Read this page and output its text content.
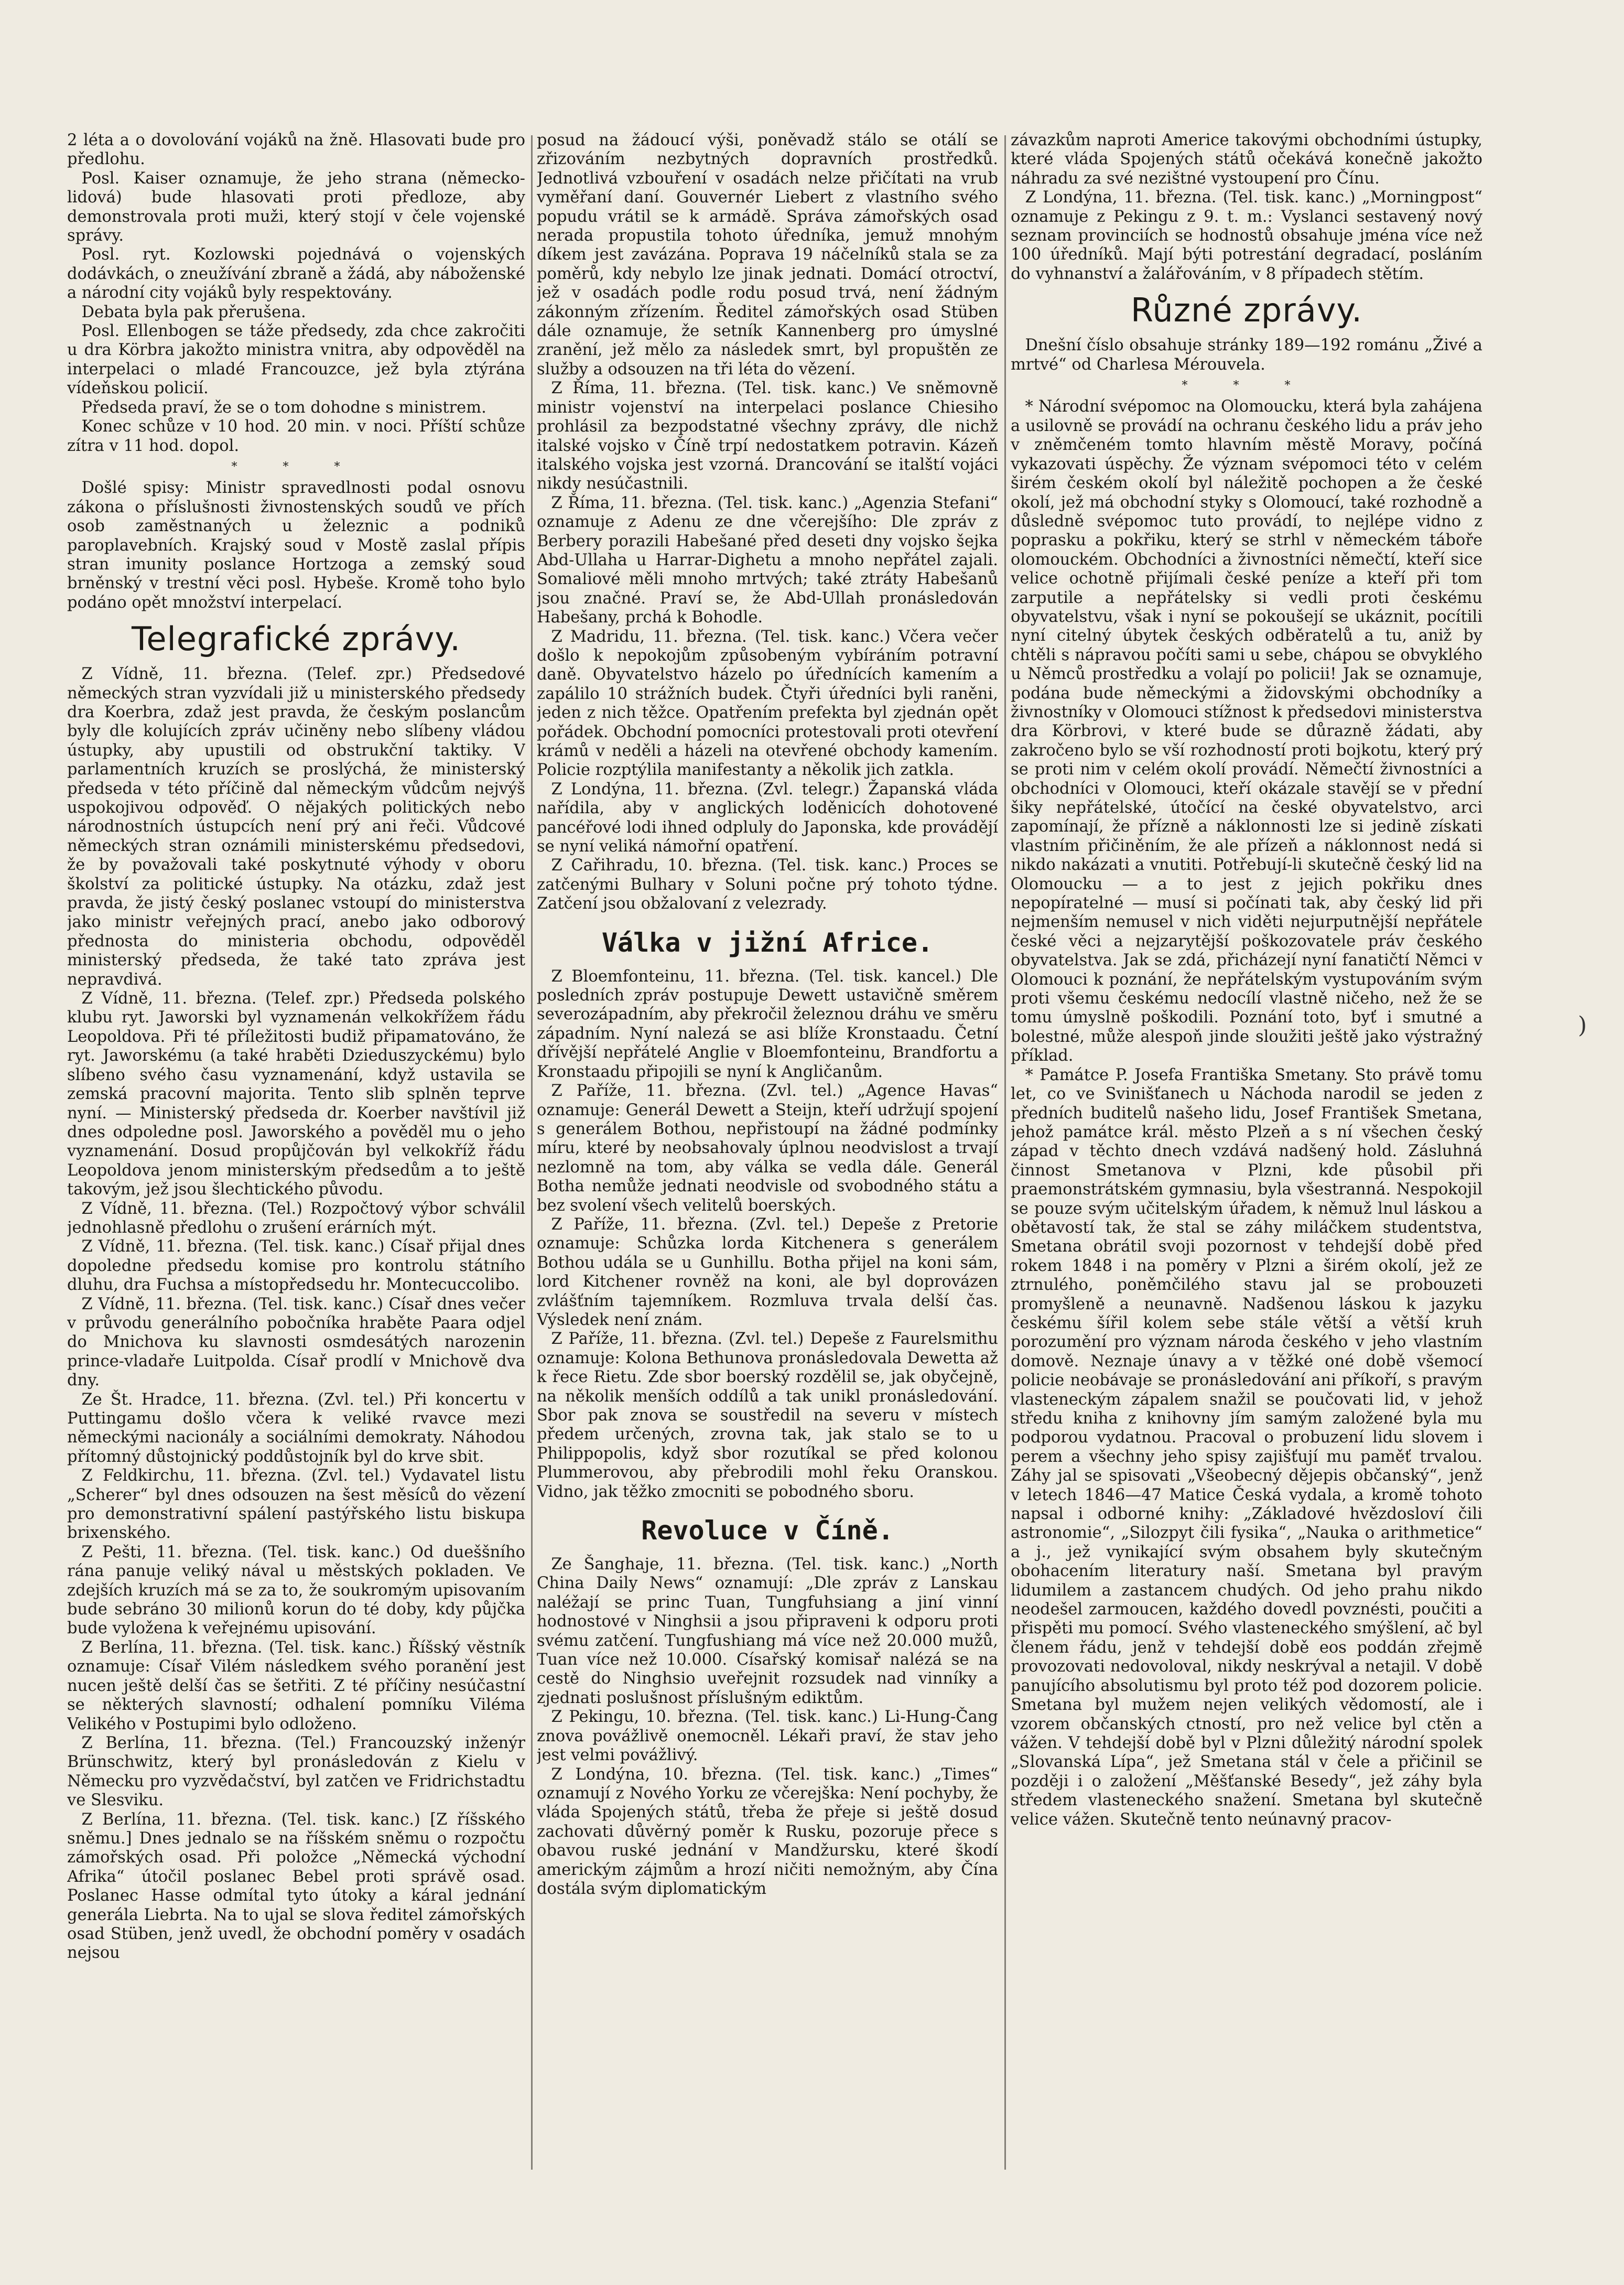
2 léta a o dovolování vojáků na žně. Hlasovati bude pro předlohu.

Posl. Kaiser oznamuje, že jeho strana (německo-lidová) bude hlasovati proti předloze, aby demonstrovala proti muži, který stojí v čele vojenské správy.

Posl. ryt. Kozlowski pojednává o vojenských dodávkách, o zneužívání zbraně a žádá, aby náboženské a národní city vojáků byly respektovány.

Debata byla pak přerušena.

Posl. Ellenbogen se táže předsedy, zda chce zakročiti u dra Körbra jakožto ministra vnitra, aby odpověděl na interpelaci o mladé Francouzce, jež byla ztýrána vídeňskou policií.

Předseda praví, že se o tom dohodne s ministrem.

Konec schůze v 10 hod. 20 min. v noci. Příští schůze zítra v 11 hod. dopol.

* * *

Došlé spisy: Ministr spravedlnosti podal osnovu zákona o příslušnosti živnostenských soudů ve přích osob zaměstnaných u železnic a podniků paroplavebních. Krajský soud v Mostě zaslal přípis stran imunity poslance Hortzoga a zemský soud brněnský v trestní věci posl. Hybeše. Kromě toho bylo podáno opět množství interpelací.

Telegrafické zprávy.

Z Vídně, 11. března. (Telef. zpr.) Předsedové německých stran vyzvídali již u ministerského předsedy dra Koerbra, zdaž jest pravda, že českým poslancům byly dle kolujících zpráv učiněny nebo slíbeny vládou ústupky, aby upustili od obstrukční taktiky. V parlamentních kruzích se proslýchá, že ministerský předseda v této příčině dal německým vůdcům nejvýš uspokojivou odpověď. O nějakých politických nebo národnostních ústupcích není prý ani řeči. Vůdcové německých stran oznámili ministerskému předsedovi, že by považovali také poskytnuté výhody v oboru školství za politické ústupky. Na otázku, zdaž jest pravda, že jistý český poslanec vstoupí do ministerstva jako ministr veřejných prací, anebo jako odborový přednosta do ministeria obchodu, odpověděl ministerský předseda, že také tato zpráva jest nepravdivá.

Z Vídně, 11. března. (Telef. zpr.) Předseda polského klubu ryt. Jaworski byl vyznamenán velkokřížem řádu Leopoldova. Při té příležitosti budiž připamatováno, že ryt. Jaworskému (a také hraběti Dzieduszyckému) bylo slíbeno svého času vyznamenání, když ustavila se zemská pracovní majorita. Tento slib splněn teprve nyní. — Ministerský předseda dr. Koerber navštívil již dnes odpoledne posl. Jaworského a pověděl mu o jeho vyznamenání. Dosud propůjčován byl velkokříž řádu Leopoldova jenom ministerským předsedům a to ještě takovým, jež jsou šlechtického původu.

Z Vídně, 11. března. (Tel.) Rozpočtový výbor schválil jednohlasně předlohu o zrušení erárních mýt.

Z Vídně, 11. března. (Tel. tisk. kanc.) Císař přijal dnes dopoledne předsedu komise pro kontrolu státního dluhu, dra Fuchsa a místopředsedu hr. Montecuccolibo.

Z Vídně, 11. března. (Tel. tisk. kanc.) Císař dnes večer v průvodu generálního pobočníka hraběte Paara odjel do Mnichova ku slavnosti osmdesátých narozenin prince-vladaře Luitpolda. Císař prodlí v Mnichově dva dny.

Ze Št. Hradce, 11. března. (Zvl. tel.) Při koncertu v Puttingamu došlo včera k veliké rvavce mezi německými nacionály a sociálními demokraty. Náhodou přítomný důstojnický poddůstojník byl do krve sbit.

Z Feldkirchu, 11. března. (Zvl. tel.) Vydavatel listu „Scherer“ byl dnes odsouzen na šest měsíců do vězení pro demonstrativní spálení pastýřského listu biskupa brixenského.

Z Pešti, 11. března. (Tel. tisk. kanc.) Od dueššního rána panuje veliký nával u městských pokladen. Ve zdejších kruzích má se za to, že soukromým upisovaním bude sebráno 30 milionů korun do té doby, kdy půjčka bude vyložena k veřejnému upisování.

Z Berlína, 11. března. (Tel. tisk. kanc.) Říšský věstník oznamuje: Císař Vilém následkem svého poranění jest nucen ještě delší čas se šetřiti. Z té příčiny nesúčastní se některých slavností; odhalení pomníku Viléma Velikého v Postupimi bylo odloženo.

Z Berlína, 11. března. (Tel.) Francouzský inženýr Brünschwitz, který byl pronásledován z Kielu v Německu pro vyzvědačství, byl zatčen ve Fridrichstadtu ve Slesviku.

Z Berlína, 11. března. (Tel. tisk. kanc.) [Z říšského sněmu.] Dnes jednalo se na říšském sněmu o rozpočtu zámořských osad. Při položce „Německá východní Afrika“ útočil poslanec Bebel proti správě osad. Poslanec Hasse odmítal tyto útoky a káral jednání generála Liebrta. Na to ujal se slova ředitel zámořských osad Stüben, jenž uvedl, že obchodní poměry v osadách nejsou

posud na žádoucí výši, poněvadž stálo se otálí se zřizováním nezbytných dopravních prostředků. Jednotlivá vzbouření v osadách nelze přičítati na vrub vyměřaní daní. Gouvernér Liebert z vlastního svého popudu vrátil se k armádě. Správa zámořských osad nerada propustila tohoto úředníka, jemuž mnohým díkem jest zavázána. Poprava 19 náčelníků stala se za poměrů, kdy nebylo lze jinak jednati. Domácí otroctví, jež v osadách podle rodu posud trvá, není žádným zákonným zřízením. Ředitel zámořských osad Stüben dále oznamuje, že setník Kannenberg pro úmyslné zranění, jež mělo za následek smrt, byl propuštěn ze služby a odsouzen na tři léta do vězení.

Z Říma, 11. března. (Tel. tisk. kanc.) Ve sněmovně ministr vojenství na interpelaci poslance Chiesiho prohlásil za bezpodstatné všechny zprávy, dle nichž italské vojsko v Číně trpí nedostatkem potravin. Kázeň italského vojska jest vzorná. Drancování se italští vojáci nikdy nesúčastnili.

Z Říma, 11. března. (Tel. tisk. kanc.) „Agenzia Stefani“ oznamuje z Adenu ze dne včerejšího: Dle zpráv z Berbery porazili Habešané před deseti dny vojsko šejka Abd-Ullaha u Harrar-Dighetu a mnoho nepřátel zajali. Somaliové měli mnoho mrtvých; také ztráty Habešanů jsou značné. Praví se, že Abd-Ullah pronásledován Habešany, prchá k Bohodle.

Z Madridu, 11. března. (Tel. tisk. kanc.) Včera večer došlo k nepokojům způsobeným vybíráním potravní daně. Obyvatelstvo házelo po úřednících kamením a zapálilo 10 strážních budek. Čtyři úředníci byli raněni, jeden z nich těžce. Opatřením prefekta byl zjednán opět pořádek. Obchodní pomocníci protestovali proti otevření krámů v neděli a házeli na otevřené obchody kamením. Policie rozptýlila manifestanty a několik jich zatkla.

Z Londýna, 11. března. (Zvl. telegr.) Žapanská vláda nařídila, aby v anglických loděnicích dohotovené pancéřové lodi ihned odpluly do Japonska, kde provádějí se nyní veliká námořní opatření.

Z Cařihradu, 10. března. (Tel. tisk. kanc.) Proces se zatčenými Bulhary v Soluni počne prý tohoto týdne. Zatčení jsou obžalovaní z velezrady.

Válka v jižní Africe.

Z Bloemfonteinu, 11. března. (Tel. tisk. kancel.) Dle posledních zpráv postupuje Dewett ustavičně směrem severozápadním, aby překročil železnou dráhu ve směru západním. Nyní nalezá se asi blíže Kronstaadu. Četní dřívější nepřátelé Anglie v Bloemfonteinu, Brandfortu a Kronstaadu připojili se nyní k Angličanům.

Z Paříže, 11. března. (Zvl. tel.) „Agence Havas“ oznamuje: Generál Dewett a Steijn, kteří udržují spojení s generálem Bothou, nepřistoupí na žádné podmínky míru, které by neobsahovaly úplnou neodvislost a trvají nezlomně na tom, aby válka se vedla dále. Generál Botha nemůže jednati neodvisle od svobodného státu a bez svolení všech velitelů boerských.

Z Paříže, 11. března. (Zvl. tel.) Depeše z Pretorie oznamuje: Schůzka lorda Kitchenera s generálem Bothou udála se u Gunhillu. Botha přijel na koni sám, lord Kitchener rovněž na koni, ale byl doprovázen zvlášťním tajemníkem. Rozmluva trvala delší čas. Výsledek není znám.

Z Paříže, 11. března. (Zvl. tel.) Depeše z Faurelsmithu oznamuje: Kolona Bethunova pronásledovala Dewetta až k řece Rietu. Zde sbor boerský rozdělil se, jak obyčejně, na několik menších oddílů a tak unikl pronásledování. Sbor pak znova se soustředil na severu v místech předem určených, zrovna tak, jak stalo se to u Philippopolis, když sbor rozutíkal se před kolonou Plummerovou, aby přebrodili mohl řeku Oranskou. Vidno, jak těžko zmocniti se pobodného sboru.

Revoluce v Číně.

Ze Šanghaje, 11. března. (Tel. tisk. kanc.) „North China Daily News“ oznamují: „Dle zpráv z Lanskau naléžají se princ Tuan, Tungfuhsiang a jiní vinní hodnostové v Ninghsii a jsou připraveni k odporu proti svému zatčení. Tungfushiang má více než 20.000 mužů, Tuan více než 10.000. Císařský komisař nalézá se na cestě do Ninghsio uveřejnit rozsudek nad vinníky a zjednati poslušnost příslušným ediktům.

Z Pekingu, 10. března. (Tel. tisk. kanc.) Li-Hung-Čang znova povážlivě onemocněl. Lékaři praví, že stav jeho jest velmi povážlivý.

Z Londýna, 10. března. (Tel. tisk. kanc.) „Times“ oznamují z Nového Yorku ze včerejška: Není pochyby, že vláda Spojených států, třeba že přeje si ještě dosud zachovati důvěrný poměr k Rusku, pozoruje přece s obavou ruské jednání v Mandžursku, které škodí americkým zájmům a hrozí ničiti nemožným, aby Čína dostála svým diplomatickým

závazkům naproti Americe takovými obchodními ústupky, které vláda Spojených států očekává konečně jakožto náhradu za své nezištné vystoupení pro Čínu.

Z Londýna, 11. března. (Tel. tisk. kanc.) „Morningpost“ oznamuje z Pekingu z 9. t. m.: Vyslanci sestavený nový seznam provinciích se hodnostů obsahuje jména více než 100 úředníků. Mají býti potrestání degradací, posláním do vyhnanství a žalářováním, v 8 případech stětím.

Různé zprávy.

Dnešní číslo obsahuje stránky 189—192 románu „Živé a mrtvé“ od Charlesa Mérouvela.

* * *

* Národní svépomoc na Olomoucku, která byla zahájena a usilovně se provádí na ochranu českého lidu a práv jeho v zněmčeném tomto hlavním městě Moravy, počíná vykazovati úspěchy. Že význam svépomoci této v celém širém českém okolí byl náležitě pochopen a že české okolí, jež má obchodní styky s Olomoucí, také rozhodně a důsledně svépomoc tuto provádí, to nejlépe vidno z poprasku a pokřiku, který se strhl v německém táboře olomouckém. Obchodníci a živnostníci němečtí, kteří sice velice ochotně přijímali české peníze a kteří při tom zarputile a nepřátelsky si vedli proti českému obyvatelstvu, však i nyní se pokoušejí se ukáznit, pocítili nyní citelný úbytek českých odběratelů a tu, aniž by chtěli s nápravou počíti sami u sebe, chápou se obvyklého u Němců prostředku a volají po policii! Jak se oznamuje, podána bude německými a židovskými obchodníky a živnostníky v Olomouci stížnost k předsedovi ministerstva dra Körbrovi, v které bude se důrazně žádati, aby zakročeno bylo se vší rozhodností proti bojkotu, který prý se proti nim v celém okolí provádí. Němečtí živnostníci a obchodníci v Olomouci, kteří okázale stavějí se v přední šiky nepřátelské, útočící na české obyvatelstvo, arci zapomínají, že přízně a náklonnosti lze si jedině získati vlastním přičiněním, že ale přízeň a náklonnost nedá si nikdo nakázati a vnutiti. Potřebují-li skutečně český lid na Olomoucku — a to jest z jejich pokřiku dnes nepopíratelné — musí si počínati tak, aby český lid při nejmenším nemusel v nich viděti nejurputnější nepřátele české věci a nejzarytější poškozovatele práv českého obyvatelstva. Jak se zdá, přicházejí nyní fanatičtí Němci v Olomouci k poznání, že nepřátelským vystupováním svým proti všemu českému nedocílí vlastně ničeho, než že se tomu úmyslně poškodili. Poznání toto, byť i smutné a bolestné, může alespoň jinde sloužiti ještě jako výstražný příklad.

* Památce P. Josefa Františka Smetany. Sto právě tomu let, co ve Svinišťanech u Náchoda narodil se jeden z předních buditelů našeho lidu, Josef František Smetana, jehož památce král. město Plzeň a s ní všechen český západ v těchto dnech vzdává nadšený hold. Zásluhná činnost Smetanova v Plzni, kde působil při praemonstrátském gymnasiu, byla všestranná. Nespokojil se pouze svým učitelským úřadem, k němuž lnul láskou a obětavostí tak, že stal se záhy miláčkem studentstva, Smetana obrátil svoji pozornost v tehdejší době před rokem 1848 i na poměry v Plzni a širém okolí, jež ze ztrnulého, poněmčilého stavu jal se probouzeti promyšleně a neunavně. Nadšenou láskou k jazyku českému šířil kolem sebe stále větší a větší kruh porozumění pro význam národa českého v jeho vlastním domově. Neznaje únavy a v těžké oné době všemocí policie neobávaje se pronásledování ani příkoří, s pravým vlasteneckým zápalem snažil se poučovati lid, v jehož středu kniha z knihovny jím samým založené byla mu podporou vydatnou. Pracoval o probuzení lidu slovem i perem a všechny jeho spisy zajišťují mu paměť trvalou. Záhy jal se spisovati „Všeobecný dějepis občanský“, jenž v letech 1846—47 Matice Česká vydala, a kromě tohoto napsal i odborné knihy: „Základové hvězdosloví čili astronomie“, „Silozpyt čili fysika“, „Nauka o arithmetice“ a j., jež vynikající svým obsahem byly skutečným obohacením literatury naší. Smetana byl pravým lidumilem a zastancem chudých. Od jeho prahu nikdo neodešel zarmoucen, každého dovedl povznésti, poučiti a přispěti mu pomocí. Svého vlasteneckého smýšlení, ač byl členem řádu, jenž v tehdejší době eos poddán zřejmě provozovati nedovoloval, nikdy neskrýval a netajil. V době panujícího absolutismu byl proto též pod dozorem policie. Smetana byl mužem nejen velikých vědomostí, ale i vzorem občanských ctností, pro než velice byl ctěn a vážen. V tehdejší době byl v Plzni důležitý národní spolek „Slovanská Lípa“, jež Smetana stál v čele a přičinil se později i o založení „Měšťanské Besedy“, jež záhy byla středem vlasteneckého snažení. Smetana byl skutečně velice vážen. Skutečně tento neúnavný pracov-

)
